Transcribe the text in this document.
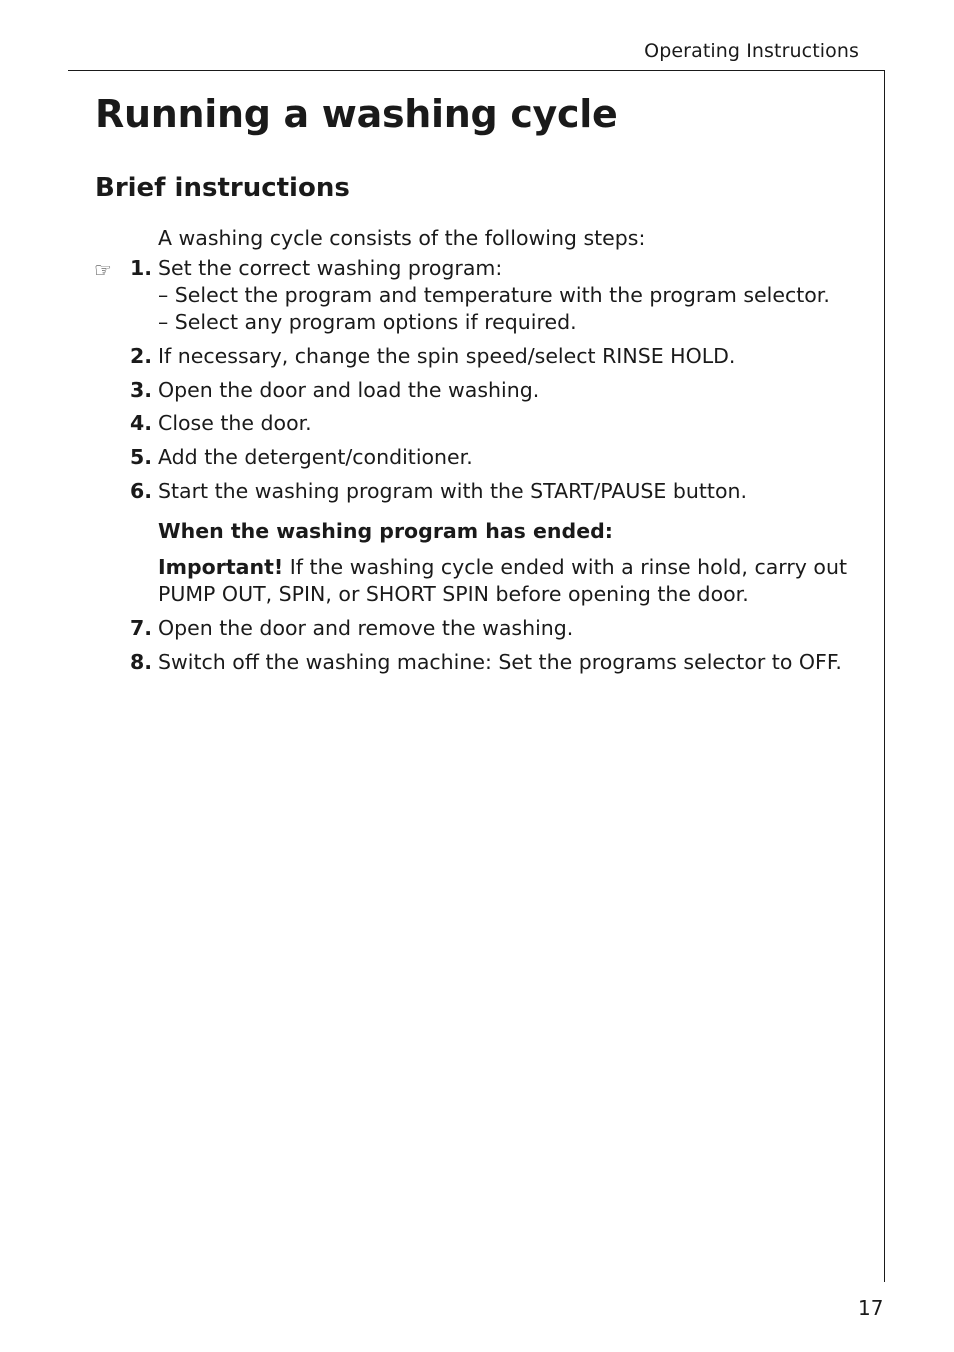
Operating Instructions
Running a washing cycle
Brief instructions
A washing cycle consists of the following steps:
☞ 1. Set the correct washing program:
– Select the program and temperature with the program selector.
– Select any program options if required.
2. If necessary, change the spin speed/select RINSE HOLD.
3. Open the door and load the washing.
4. Close the door.
5. Add the detergent/conditioner.
6. Start the washing program with the START/PAUSE button.
When the washing program has ended:
Important! If the washing cycle ended with a rinse hold, carry out
PUMP OUT, SPIN, or SHORT SPIN before opening the door.
7. Open the door and remove the washing.
8. Switch off the washing machine: Set the programs selector to OFF.
17
